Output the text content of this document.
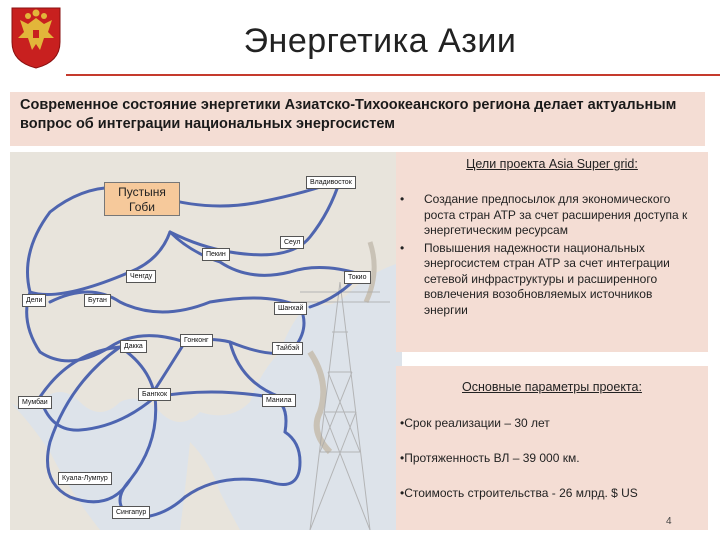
Энергетика Азии
Современное состояние энергетики Азиатско-Тихоокеанского региона делает актуальным вопрос об интеграции национальных энергосистем
Пустыня
Гоби
Владивосток
Сеул
Пекин
Токио
Ченгду
Дели	Бутан
Шанхай
Дакка
Гонконг
Тайбэй
Бангкок
Мумбаи	Манила
Куала-Лумпур
Сингапур
Цели проекта Asia Super grid:
• Создание предпосылок для экономического роста стран АТР за счет расширения доступа к энергетическим ресурсам
• Повышения надежности национальных энергосистем стран АТР за счет интеграции сетевой инфраструктуры и расширенного вовлечения возобновляемых источников энергии
Основные параметры проекта:
•Срок реализации – 30 лет
•Протяженность ВЛ – 39 000 км.
•Стоимость строительства - 26 млрд. $ US
4
